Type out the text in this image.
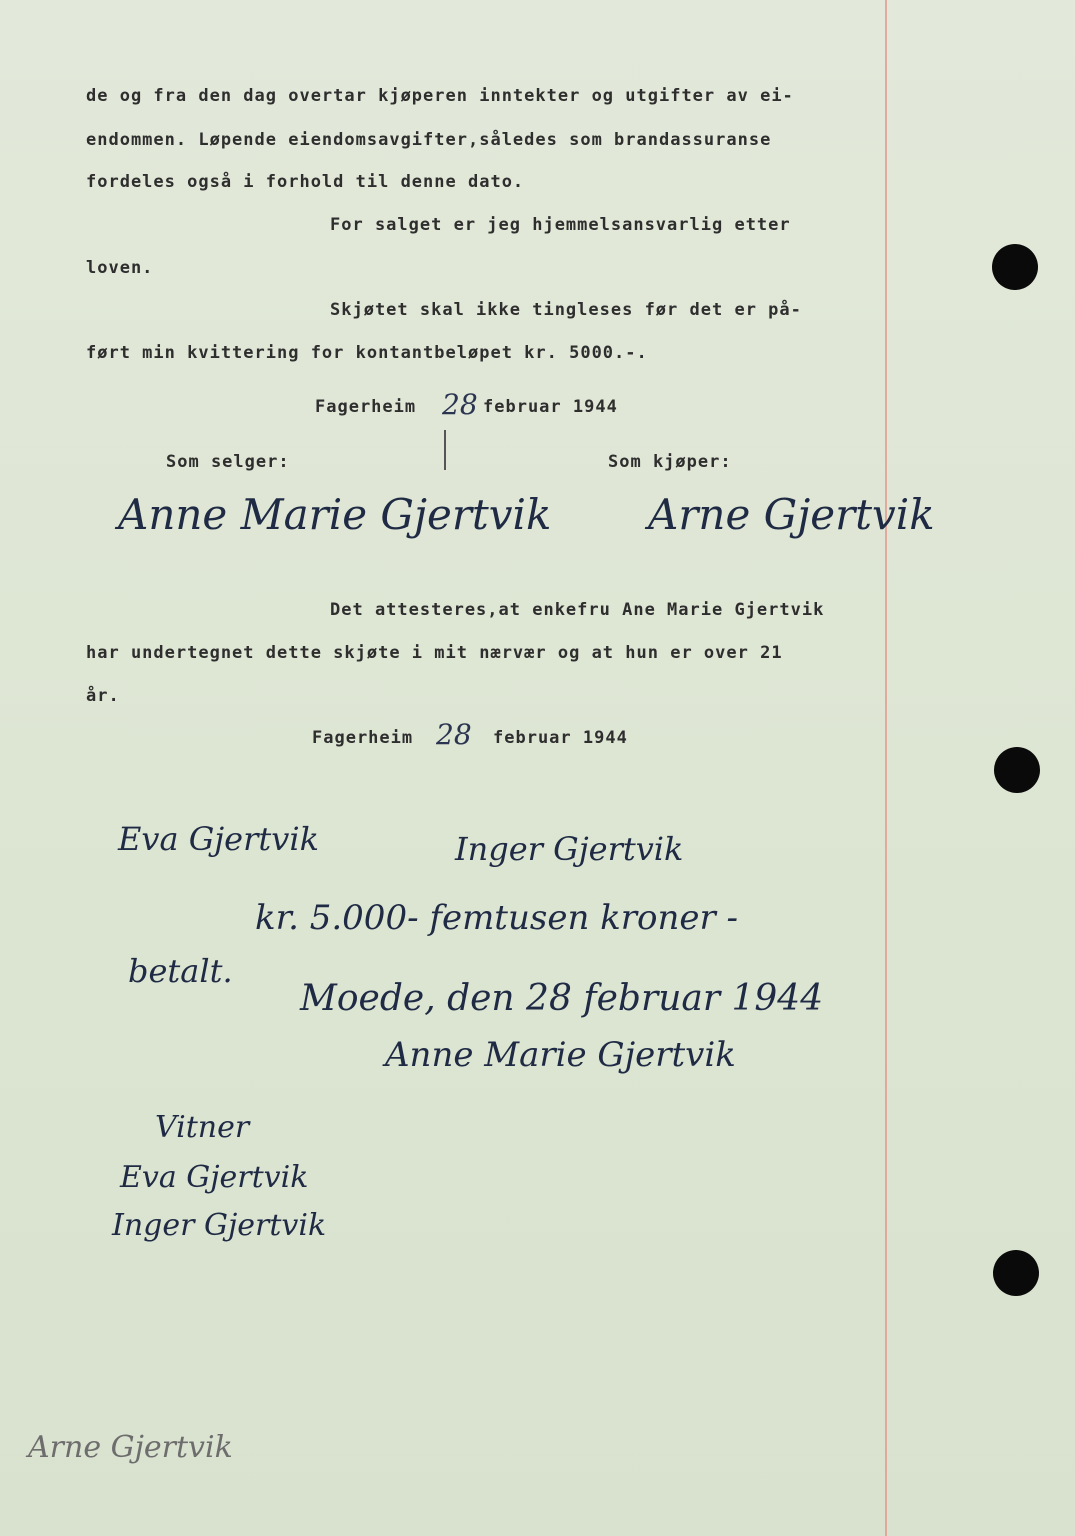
de og fra den dag overtar kjøperen inntekter og utgifter av ei-
endommen. Løpende eiendomsavgifter,således som brandassuranse
fordeles også i forhold til denne dato.
For salget er jeg hjemmelsansvarlig etter
loven.
Skjøtet skal ikke tingleses før det er på-
ført min kvittering for kontantbeløpet kr. 5000.-.
Fagerheim 28 februar 1944
Som selger:	Som kjøper:
Anne Marie Gjertvik Arne Gjertvik
Det attesteres,at enkefru Ane Marie Gjertvik
har undertegnet dette skjøte i mit nærvær og at hun er over 21
år.
Fagerheim 28 februar 1944
Eva Gjertvik	Inger Gjertvik
kr. 5.000- femtusen kroner -
betalt.
Moede, den 28 februar 1944
Anne Marie Gjertvik
Vitner
Eva Gjertvik
Inger Gjertvik
Arne Gjertvik
